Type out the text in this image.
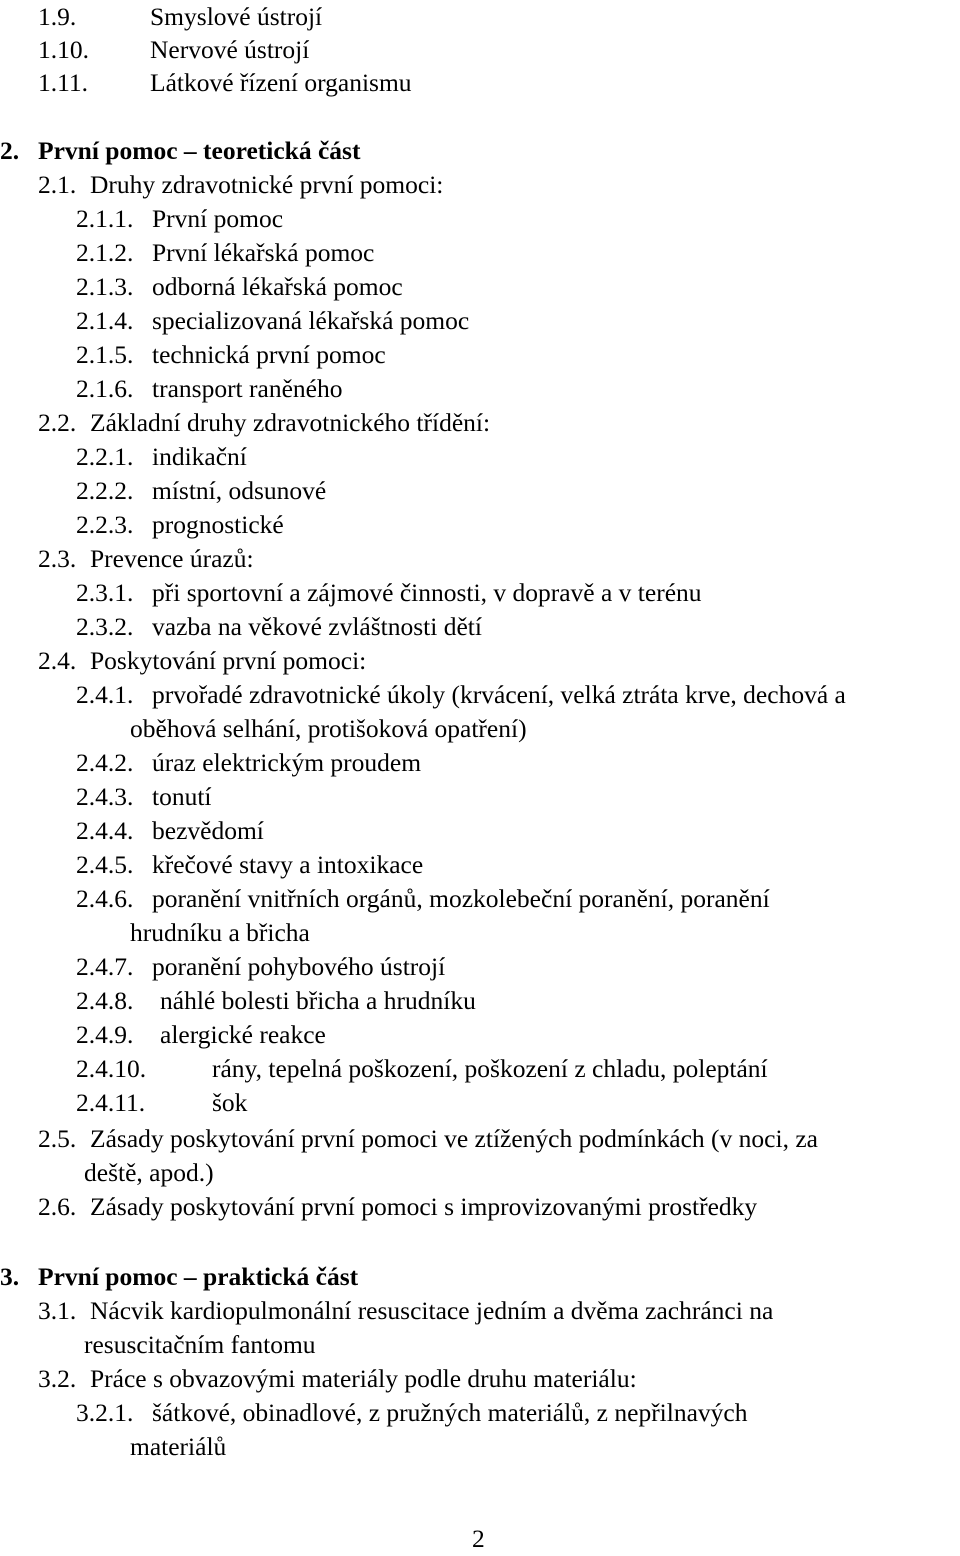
1.9.	Smyslové ústrojí
1.10. Nervové ústrojí
1.11. Látkové řízení organismu
2. První pomoc – teoretická část
2.1. Druhy zdravotnické první pomoci:
2.1.1. První pomoc
2.1.2. První lékařská pomoc
2.1.3. odborná lékařská pomoc
2.1.4. specializovaná lékařská pomoc
2.1.5. technická první pomoc
2.1.6. transport raněného
2.2. Základní druhy zdravotnického třídění:
2.2.1. indikační
2.2.2. místní, odsunové
2.2.3. prognostické
2.3. Prevence úrazů:
2.3.1. při sportovní a zájmové činnosti, v dopravě a v terénu
2.3.2. vazba na věkové zvláštnosti dětí
2.4. Poskytování první pomoci:
2.4.1. prvořadé zdravotnické úkoly (krvácení, velká ztráta krve, dechová a
oběhová selhání, protišoková opatření)
2.4.2. úraz elektrickým proudem
2.4.3. tonutí
2.4.4. bezvědomí
2.4.5. křečové stavy a intoxikace
2.4.6. poranění vnitřních orgánů, mozkolebeční poranění, poranění
hrudníku a břicha
2.4.7. poranění pohybového ústrojí
2.4.8. náhlé bolesti břicha a hrudníku
2.4.9. alergické reakce
2.4.10.	rány, tepelná poškození, poškození z chladu, poleptání
2.4.11.	šok
2.5. Zásady poskytování první pomoci ve ztížených podmínkách (v noci, za
deště, apod.)
2.6. Zásady poskytování první pomoci s improvizovanými prostředky
3. První pomoc – praktická část
3.1. Nácvik kardiopulmonální resuscitace jedním a dvěma zachránci na
resuscitačním fantomu
3.2. Práce s obvazovými materiály podle druhu materiálu:
3.2.1. šátkové, obinadlové, z pružných materiálů, z nepřilnavých
materiálů
2
